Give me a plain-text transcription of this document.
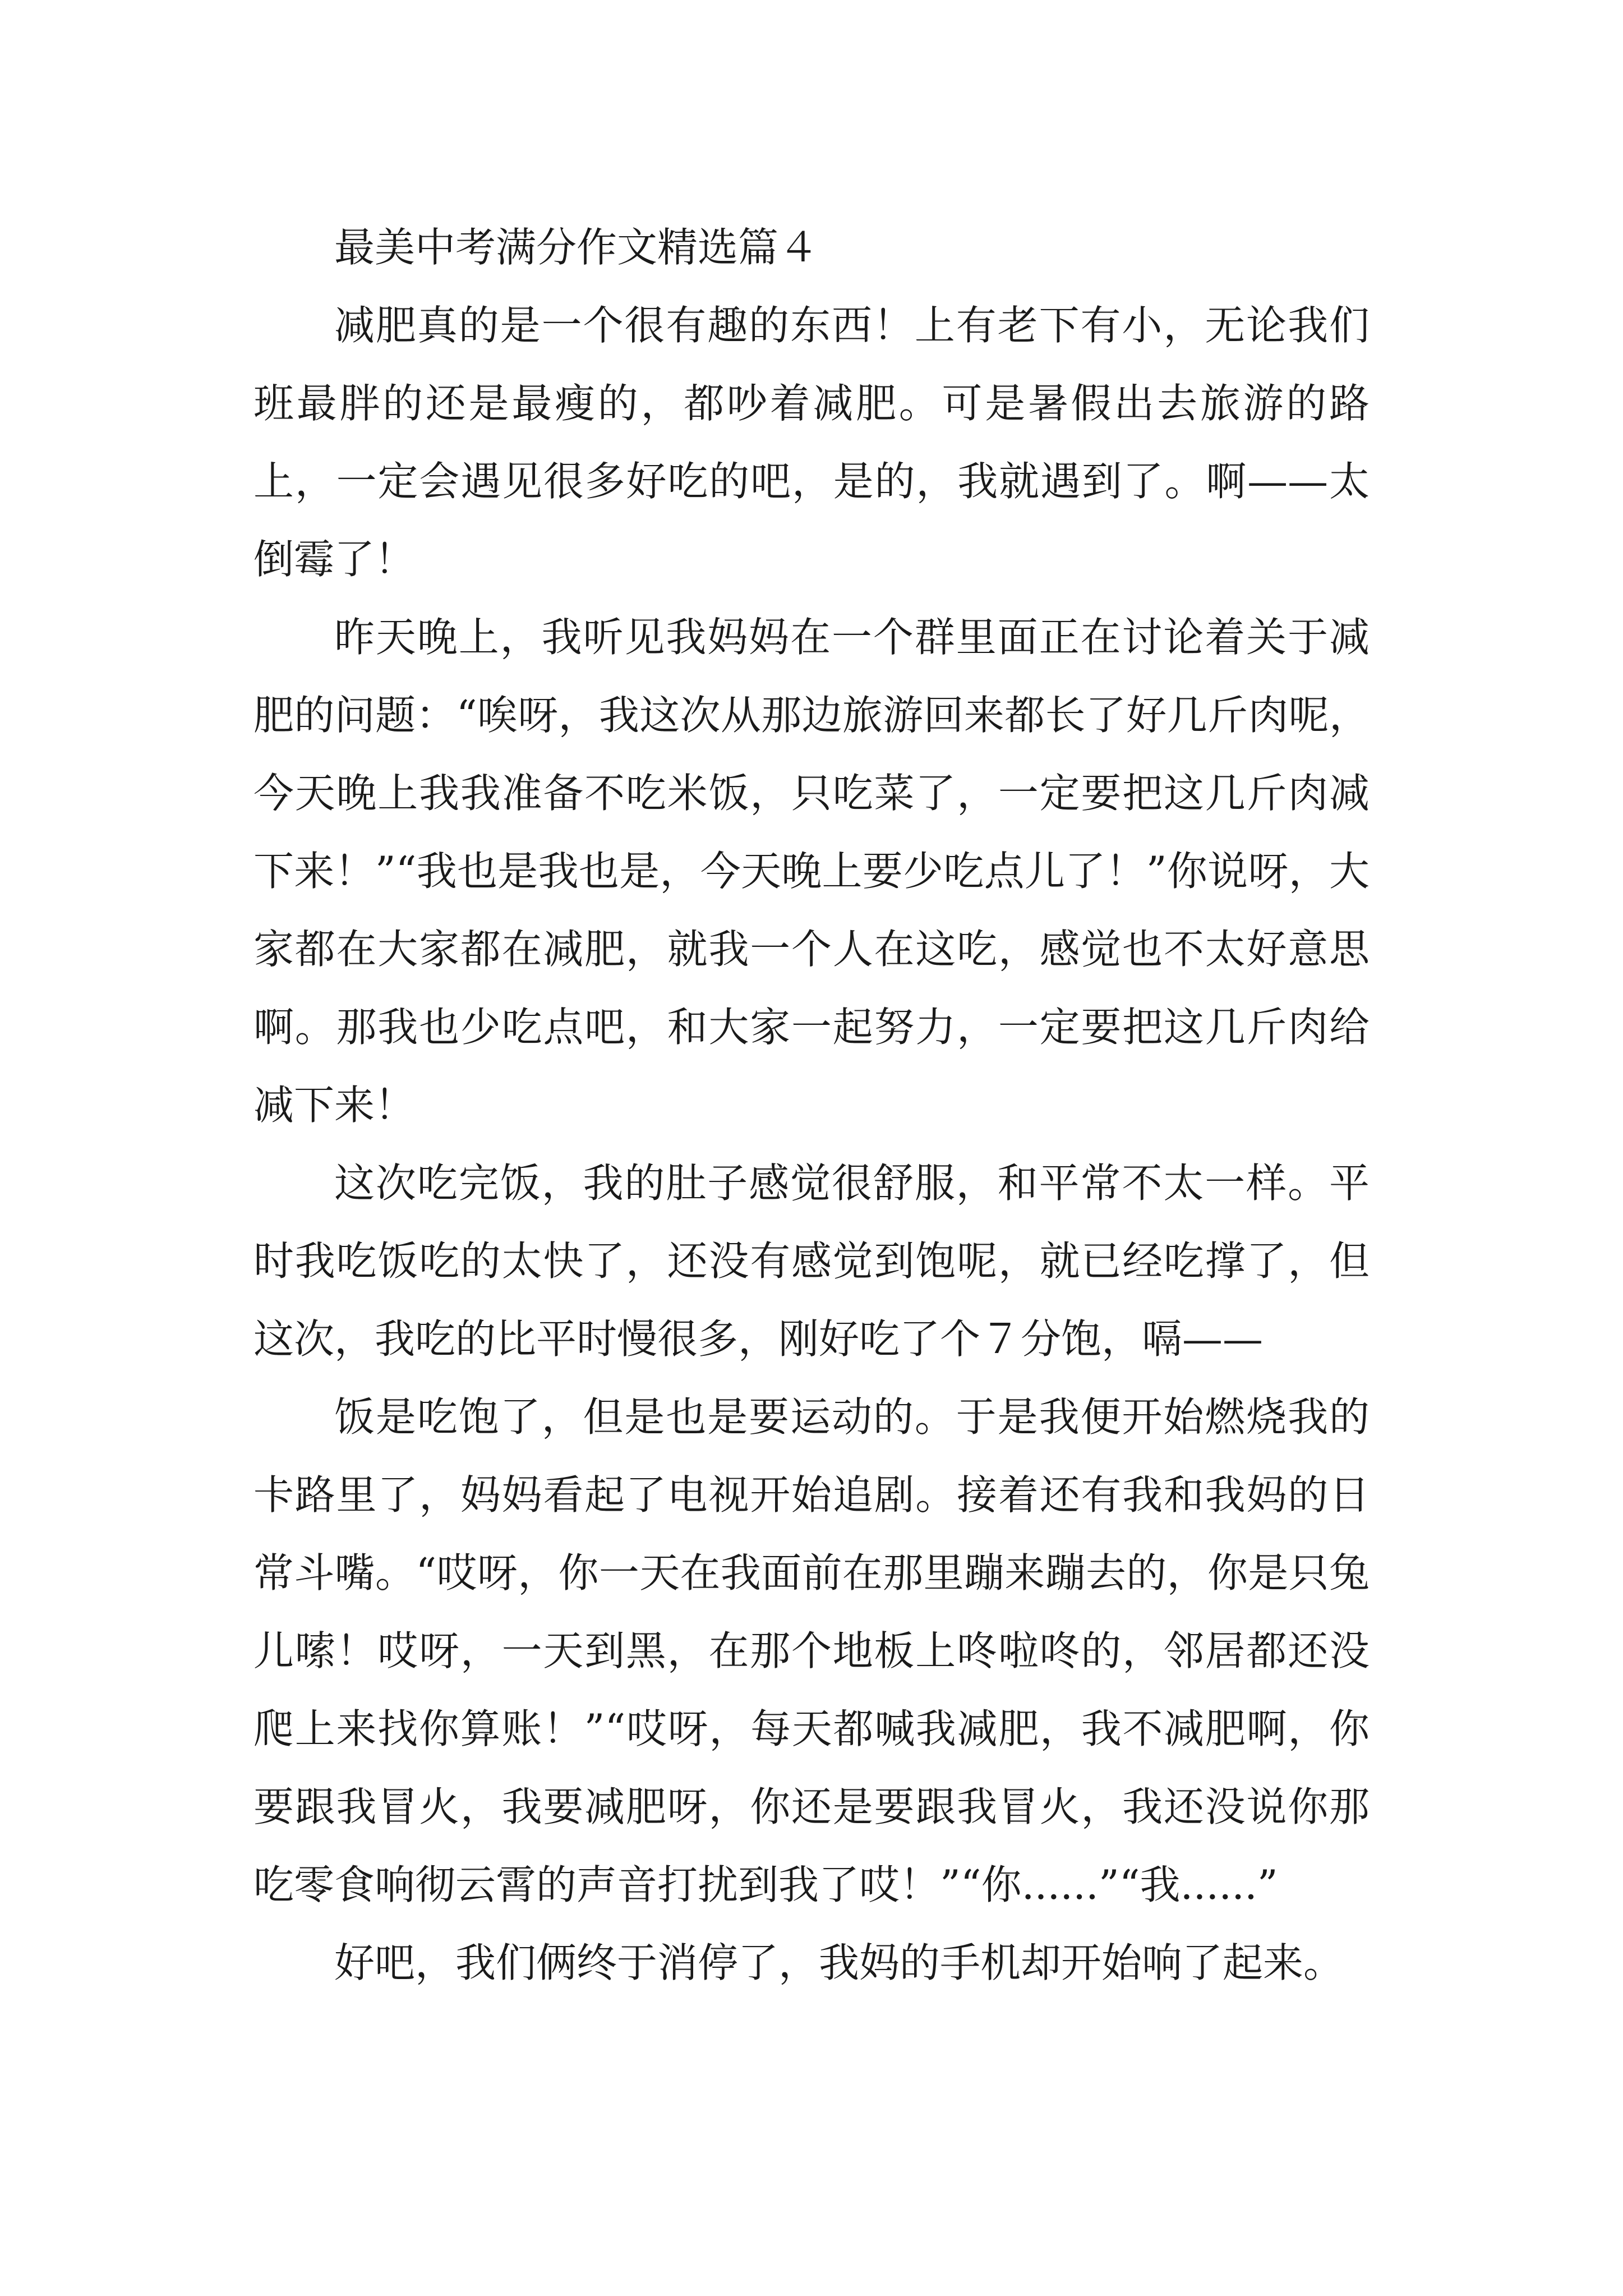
最美中考满分作文精选篇４

减肥真的是一个很有趣的东西！上有老下有小，无论我们班最胖的还是最瘦的，都吵着减肥。可是暑假出去旅游的路上，一定会遇见很多好吃的吧，是的，我就遇到了。啊——太倒霉了！

昨天晚上，我听见我妈妈在一个群里面正在讨论着关于减肥的问题：“唉呀，我这次从那边旅游回来都长了好几斤肉呢，今天晚上我我准备不吃米饭，只吃菜了，一定要把这几斤肉减下来！”“我也是我也是，今天晚上要少吃点儿了！”你说呀，大家都在大家都在减肥，就我一个人在这吃，感觉也不太好意思啊。那我也少吃点吧，和大家一起努力，一定要把这几斤肉给减下来！

这次吃完饭，我的肚子感觉很舒服，和平常不太一样。平时我吃饭吃的太快了，还没有感觉到饱呢，就已经吃撑了，但这次，我吃的比平时慢很多，刚好吃了个７分饱，嗝——

饭是吃饱了，但是也是要运动的。于是我便开始燃烧我的卡路里了，妈妈看起了电视开始追剧。接着还有我和我妈的日常斗嘴。“哎呀，你一天在我面前在那里蹦来蹦去的，你是只兔儿嗦！哎呀，一天到黑，在那个地板上咚啦咚的，邻居都还没爬上来找你算账！”“哎呀，每天都喊我减肥，我不减肥啊，你要跟我冒火，我要减肥呀，你还是要跟我冒火，我还没说你那吃零食响彻云霄的声音打扰到我了哎！”“你......”“我......”

好吧，我们俩终于消停了，我妈的手机却开始响了起来。
